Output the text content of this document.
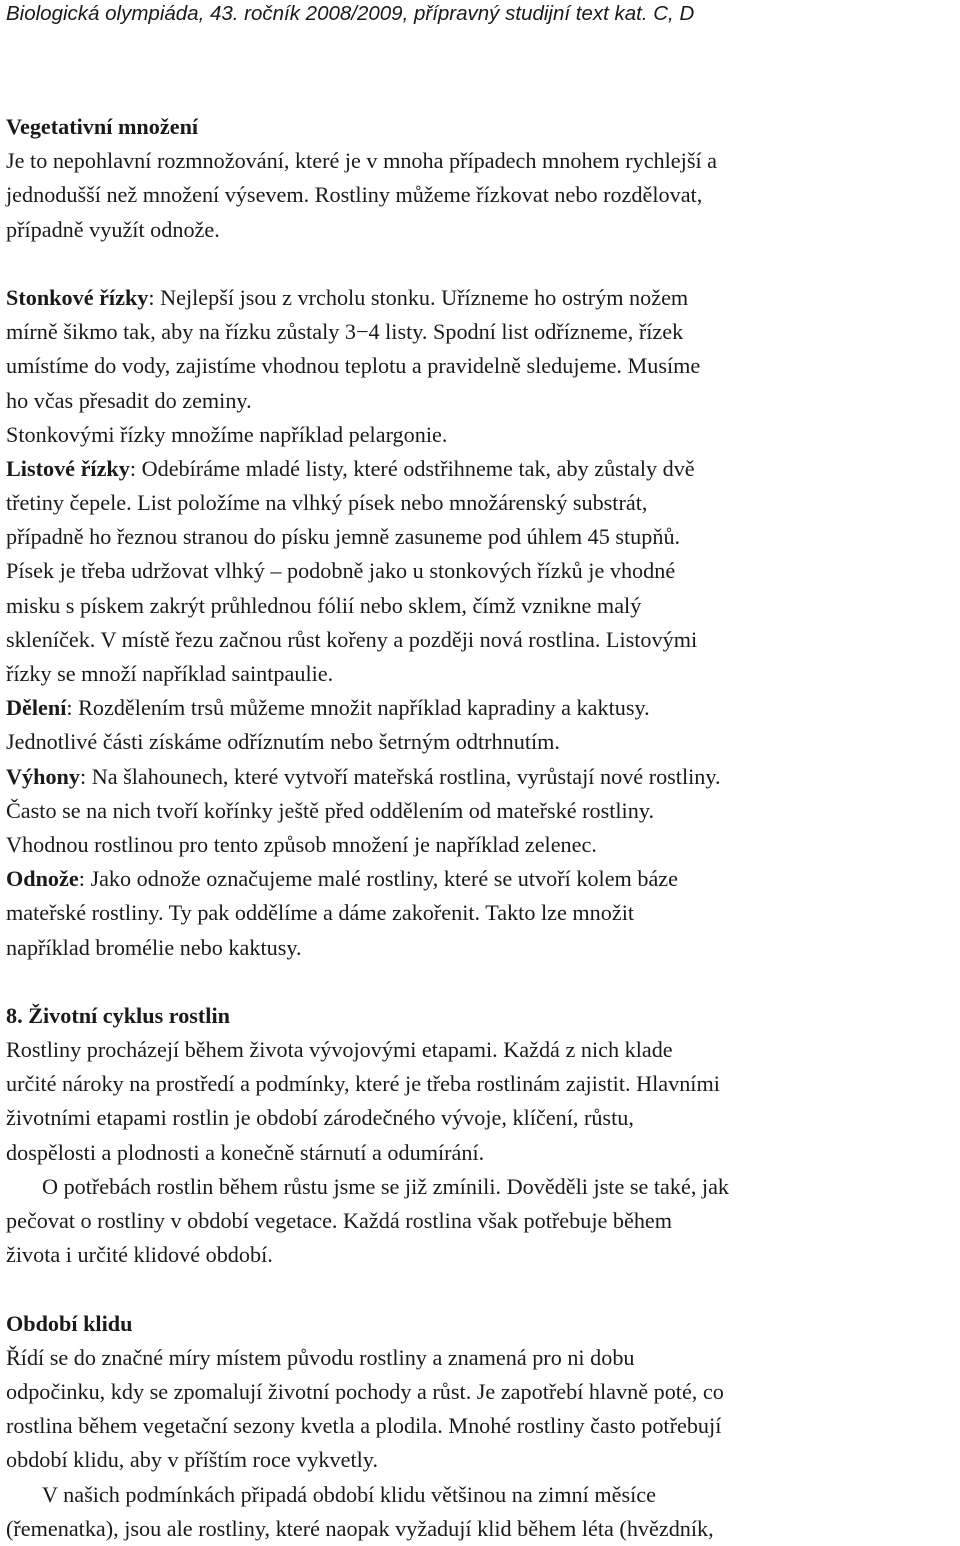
Biologická olympiáda, 43. ročník 2008/2009, přípravný studijní text kat. C, D
Vegetativní množení
Je to nepohlavní rozmnožování, které je v mnoha případech mnohem rychlejší a
jednodušší než množení výsevem. Rostliny můžeme řízkovat nebo rozdělovat,
případně využít odnože.
Stonkové řízky: Nejlepší jsou z vrcholu stonku. Uřízneme ho ostrým nožem
mírně šikmo tak, aby na řízku zůstaly 3−4 listy. Spodní list odřízneme, řízek
umístíme do vody, zajistíme vhodnou teplotu a pravidelně sledujeme. Musíme
ho včas přesadit do zeminy.
Stonkovými řízky množíme například pelargonie.
Listové řízky: Odebíráme mladé listy, které odstřihneme tak, aby zůstaly dvě
třetiny čepele. List položíme na vlhký písek nebo množárenský substrát,
případně ho řeznou stranou do písku jemně zasuneme pod úhlem 45 stupňů.
Písek je třeba udržovat vlhký – podobně jako u stonkových řízků je vhodné
misku s pískem zakrýt průhlednou fólií nebo sklem, čímž vznikne malý
skleníček. V místě řezu začnou růst kořeny a později nová rostlina. Listovými
řízky se množí například saintpaulie.
Dělení: Rozdělením trsů můžeme množit například kapradiny a kaktusy.
Jednotlivé části získáme odříznutím nebo šetrným odtrhnutím.
Výhony: Na šlahounech, které vytvoří mateřská rostlina, vyrůstají nové rostliny.
Často se na nich tvoří kořínky ještě před oddělením od mateřské rostliny.
Vhodnou rostlinou pro tento způsob množení je například zelenec.
Odnože: Jako odnože označujeme malé rostliny, které se utvoří kolem báze
mateřské rostliny. Ty pak oddělíme a dáme zakořenit. Takto lze množit
například bromélie nebo kaktusy.
8. Životní cyklus rostlin
Rostliny procházejí během života vývojovými etapami. Každá z nich klade
určité nároky na prostředí a podmínky, které je třeba rostlinám zajistit. Hlavními
životními etapami rostlin je období zárodečného vývoje, klíčení, růstu,
dospělosti a plodnosti a konečně stárnutí a odumírání.
O potřebách rostlin během růstu jsme se již zmínili. Dověděli jste se také, jak
pečovat o rostliny v období vegetace. Každá rostlina však potřebuje během
života i určité klidové období.
Období klidu
Řídí se do značné míry místem původu rostliny a znamená pro ni dobu
odpočinku, kdy se zpomalují životní pochody a růst. Je zapotřebí hlavně poté, co
rostlina během vegetační sezony kvetla a plodila. Mnohé rostliny často potřebují
období klidu, aby v příštím roce vykvetly.
V našich podmínkách připadá období klidu většinou na zimní měsíce
(řemenatka), jsou ale rostliny, které naopak vyžadují klid během léta (hvězdník,
